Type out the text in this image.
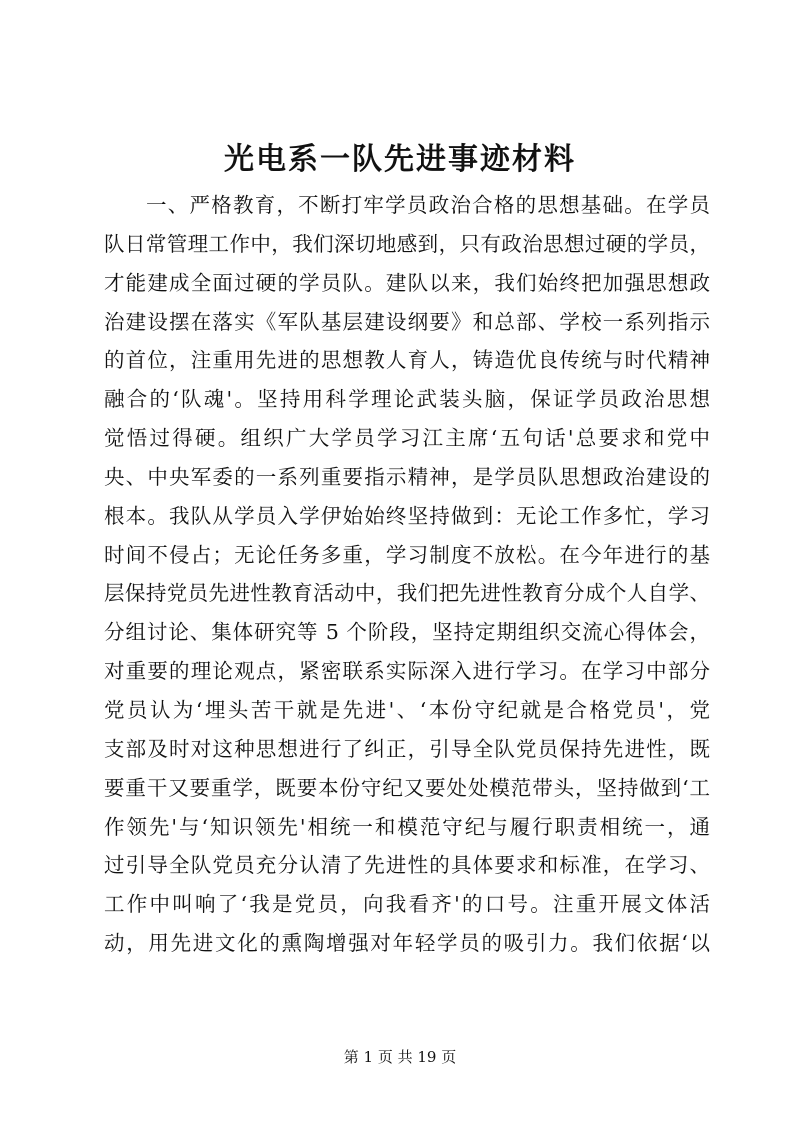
光电系一队先进事迹材料
一、严格教育，不断打牢学员政治合格的思想基础。在学员
队日常管理工作中，我们深切地感到，只有政治思想过硬的学员，
才能建成全面过硬的学员队。建队以来，我们始终把加强思想政
治建设摆在落实《军队基层建设纲要》和总部、学校一系列指示
的首位，注重用先进的思想教人育人，铸造优良传统与时代精神
融合的‘队魂'。坚持用科学理论武装头脑，保证学员政治思想
觉悟过得硬。组织广大学员学习江主席‘五句话'总要求和党中
央、中央军委的一系列重要指示精神，是学员队思想政治建设的
根本。我队从学员入学伊始始终坚持做到：无论工作多忙，学习
时间不侵占；无论任务多重，学习制度不放松。在今年进行的基
层保持党员先进性教育活动中，我们把先进性教育分成个人自学、
分组讨论、集体研究等 5 个阶段，坚持定期组织交流心得体会，
对重要的理论观点，紧密联系实际深入进行学习。在学习中部分
党员认为‘埋头苦干就是先进'、‘本份守纪就是合格党员'，党
支部及时对这种思想进行了纠正，引导全队党员保持先进性，既
要重干又要重学，既要本份守纪又要处处模范带头，坚持做到‘工
作领先'与‘知识领先'相统一和模范守纪与履行职责相统一，通
过引导全队党员充分认清了先进性的具体要求和标准，在学习、
工作中叫响了‘我是党员，向我看齐'的口号。注重开展文体活
动，用先进文化的熏陶增强对年轻学员的吸引力。我们依据‘以
第 1 页 共 19 页
